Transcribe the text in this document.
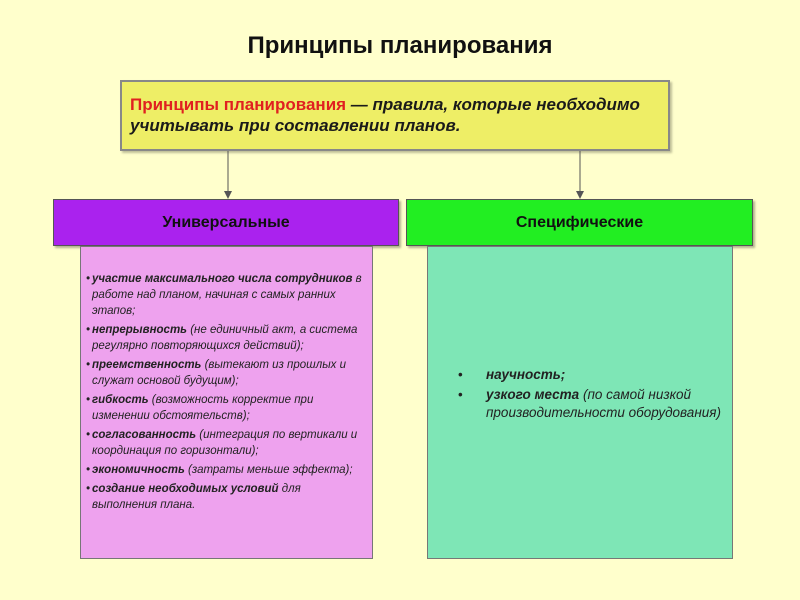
Принципы планирования
Принципы планирования — правила, которые необходимо учитывать при составлении планов.
Универсальные	Специфические
• участие максимального числа сотрудников в работе над планом, начиная с самых ранних этапов;
• непрерывность (не единичный акт, а система регулярно повторяющихся действий);
• преемственность (вытекают из прошлых и служат основой будущим);
• гибкость (возможность корректие при изменении обстоятельств);
• согласованность (интеграция по вертикали и координация по горизонтали);
• экономичность (затраты меньше эффекта);
• создание необходимых условий для выполнения плана.
• научность;
• узкого места (по самой низкой производительности оборудования)
